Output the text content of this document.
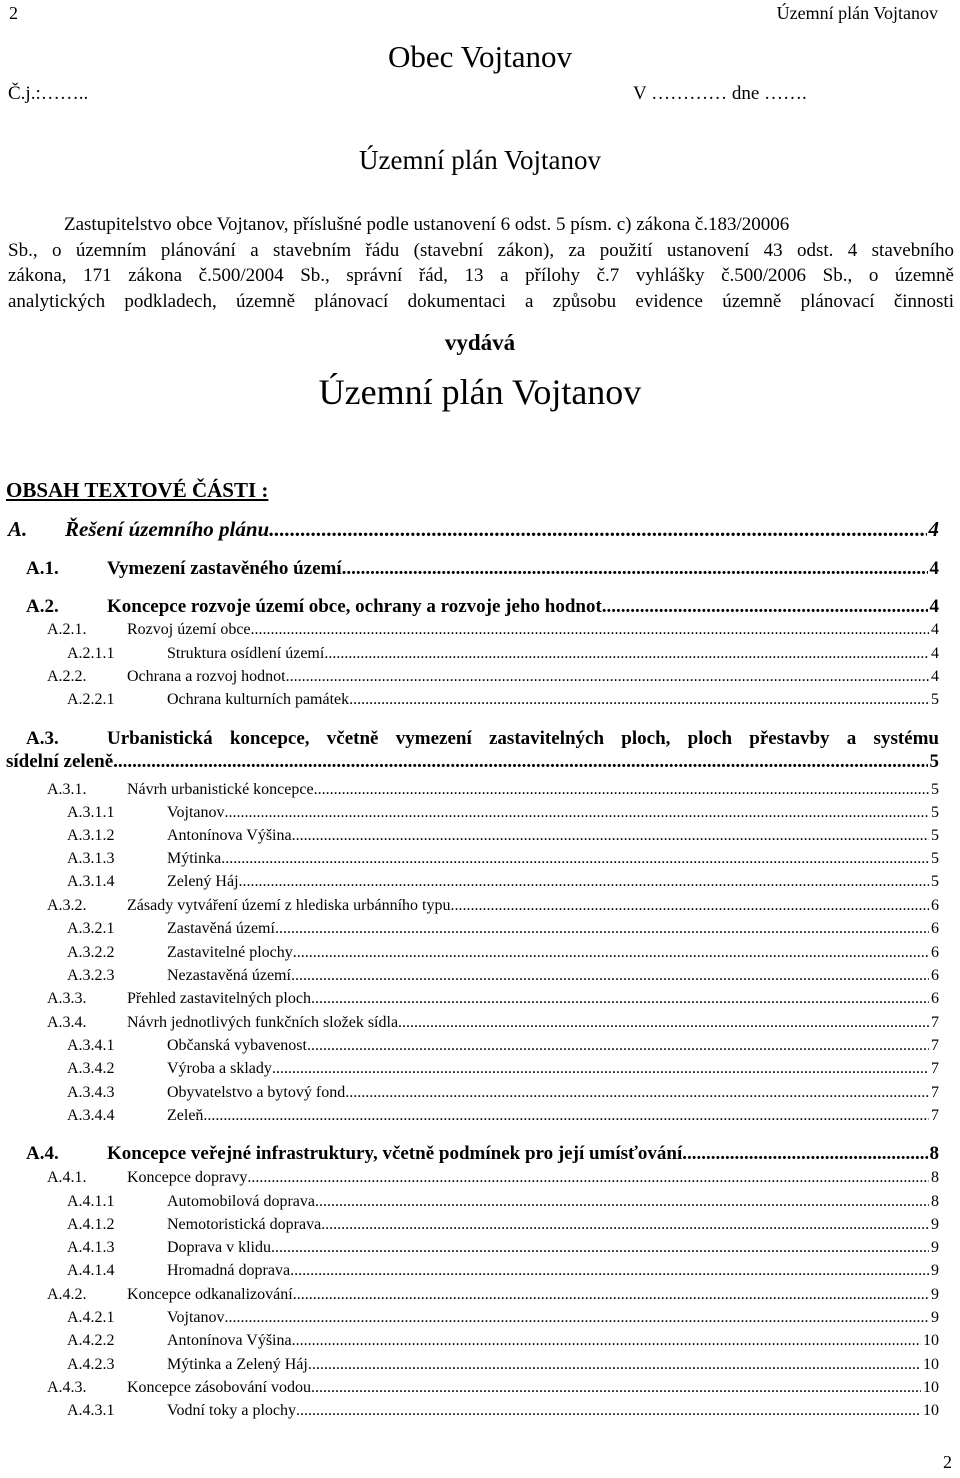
2	Územní plán Vojtanov
Obec Vojtanov
Č.j.:……..	V ………… dne …….
Územní plán Vojtanov
Zastupitelstvo obce Vojtanov, příslušné podle ustanovení 6 odst. 5 písm. c) zákona č.183/20006
Sb., o územním plánování a stavebním řádu (stavební zákon), za použití ustanovení 43 odst. 4 stavebního
zákona, 171 zákona č.500/2004 Sb., správní řád, 13 a přílohy č.7 vyhlášky č.500/2006 Sb., o územně
analytických podkladech, územně plánovací dokumentaci a způsobu evidence územně plánovací činnosti
vydává
Územní plán Vojtanov
OBSAH TEXTOVÉ ČÁSTI :
A.	Řešení územního plánu .....	4
A.1.	Vymezení zastavěného území .....	4
A.2.	Koncepce rozvoje území obce, ochrany a rozvoje jeho hodnot .....	4
A.2.1.	Rozvoj území obce .....	4
A.2.1.1	Struktura osídlení území .....	4
A.2.2.	Ochrana a rozvoj hodnot .....	4
A.2.2.1	Ochrana kulturních památek .....	5
A.3.	Urbanistická koncepce, včetně vymezení zastavitelných ploch, ploch přestavby a systému
sídelní zeleně .....	5
A.3.1.	Návrh urbanistické koncepce .....	5
A.3.1.1	Vojtanov .....	5
A.3.1.2	Antonínova Výšina .....	5
A.3.1.3	Mýtinka .....	5
A.3.1.4	Zelený Háj .....	5
A.3.2.	Zásady vytváření území z hlediska urbánního typu .....	6
A.3.2.1	Zastavěná území .....	6
A.3.2.2	Zastavitelné plochy .....	6
A.3.2.3	Nezastavěná území .....	6
A.3.3.	Přehled zastavitelných ploch .....	6
A.3.4.	Návrh jednotlivých funkčních složek sídla .....	7
A.3.4.1	Občanská vybavenost .....	7
A.3.4.2	Výroba a sklady .....	7
A.3.4.3	Obyvatelstvo a bytový fond .....	7
A.3.4.4	Zeleň .....	7
A.4.	Koncepce veřejné infrastruktury, včetně podmínek pro její umísťování .....	8
A.4.1.	Koncepce dopravy .....	8
A.4.1.1	Automobilová doprava .....	8
A.4.1.2	Nemotoristická doprava .....	9
A.4.1.3	Doprava v klidu .....	9
A.4.1.4	Hromadná doprava .....	9
A.4.2.	Koncepce odkanalizování .....	9
A.4.2.1	Vojtanov .....	9
A.4.2.2	Antonínova Výšina .....	10
A.4.2.3	Mýtinka a Zelený Háj .....	10
A.4.3.	Koncepce zásobování vodou .....	10
A.4.3.1	Vodní toky a plochy .....	10
2
